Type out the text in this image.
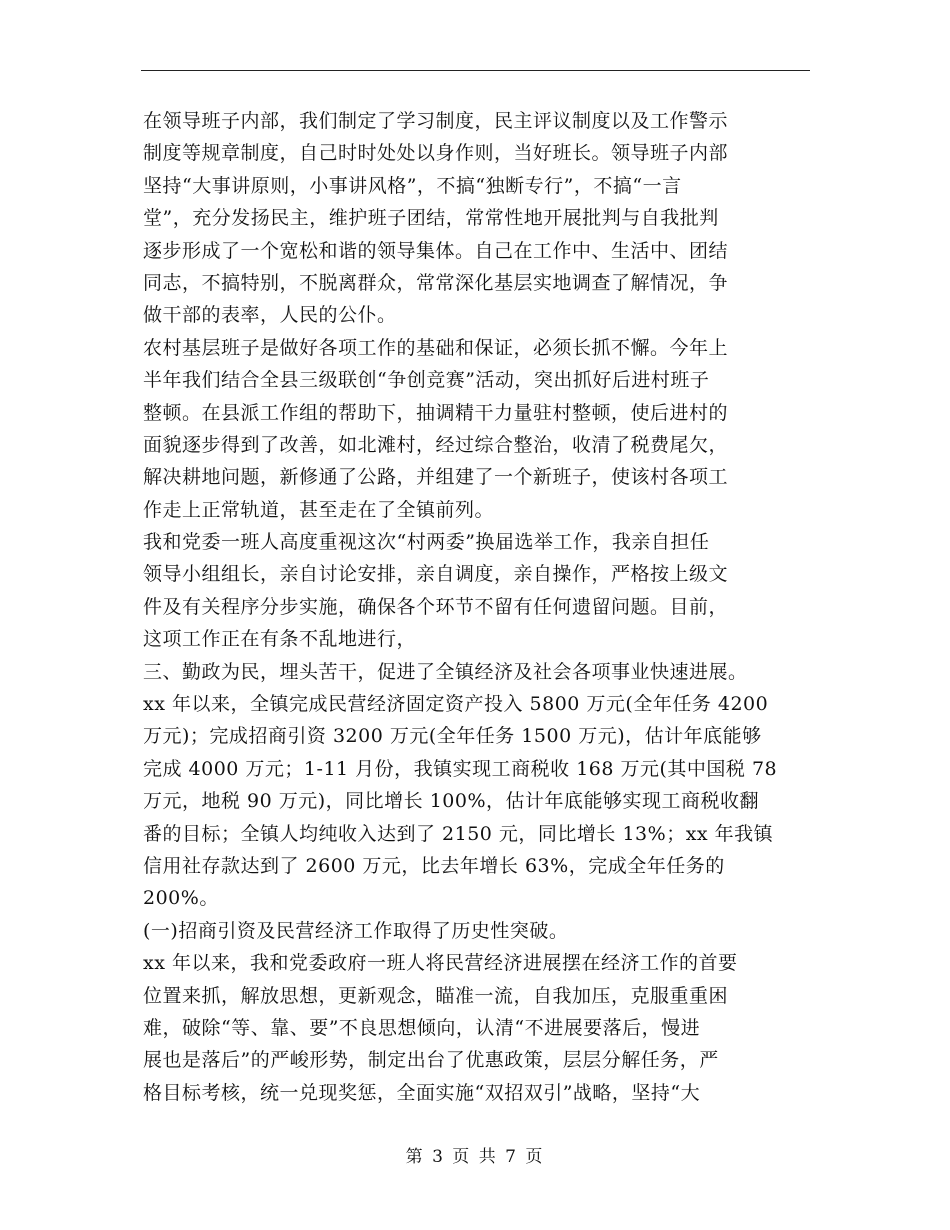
在领导班子内部，我们制定了学习制度，民主评议制度以及工作警示
制度等规章制度，自己时时处处以身作则，当好班长。领导班子内部
坚持“大事讲原则，小事讲风格”，不搞“独断专行”，不搞“一言
堂”，充分发扬民主，维护班子团结，常常性地开展批判与自我批判
逐步形成了一个宽松和谐的领导集体。自己在工作中、生活中、团结
同志，不搞特别，不脱离群众，常常深化基层实地调查了解情况，争
做干部的表率，人民的公仆。
农村基层班子是做好各项工作的基础和保证，必须长抓不懈。今年上
半年我们结合全县三级联创“争创竞赛”活动，突出抓好后进村班子
整顿。在县派工作组的帮助下，抽调精干力量驻村整顿，使后进村的
面貌逐步得到了改善，如北滩村，经过综合整治，收清了税费尾欠，
解决耕地问题，新修通了公路，并组建了一个新班子，使该村各项工
作走上正常轨道，甚至走在了全镇前列。
我和党委一班人高度重视这次“村两委”换届选举工作，我亲自担任
领导小组组长，亲自讨论安排，亲自调度，亲自操作，严格按上级文
件及有关程序分步实施，确保各个环节不留有任何遗留问题。目前，
这项工作正在有条不乱地进行，
三、勤政为民，埋头苦干，促进了全镇经济及社会各项事业快速进展。
xx 年以来，全镇完成民营经济固定资产投入 5800 万元(全年任务 4200
万元)；完成招商引资 3200 万元(全年任务 1500 万元)，估计年底能够
完成 4000 万元；1-11 月份，我镇实现工商税收 168 万元(其中国税 78
万元，地税 90 万元)，同比增长 100%，估计年底能够实现工商税收翻
番的目标；全镇人均纯收入达到了 2150 元，同比增长 13%；xx 年我镇
信用社存款达到了 2600 万元，比去年增长 63%，完成全年任务的
200%。
(一)招商引资及民营经济工作取得了历史性突破。
xx 年以来，我和党委政府一班人将民营经济进展摆在经济工作的首要
位置来抓，解放思想，更新观念，瞄准一流，自我加压，克服重重困
难，破除“等、靠、要”不良思想倾向，认清“不进展要落后，慢进
展也是落后”的严峻形势，制定出台了优惠政策，层层分解任务，严
格目标考核，统一兑现奖惩，全面实施“双招双引”战略，坚持“大
第 3 页 共 7 页
